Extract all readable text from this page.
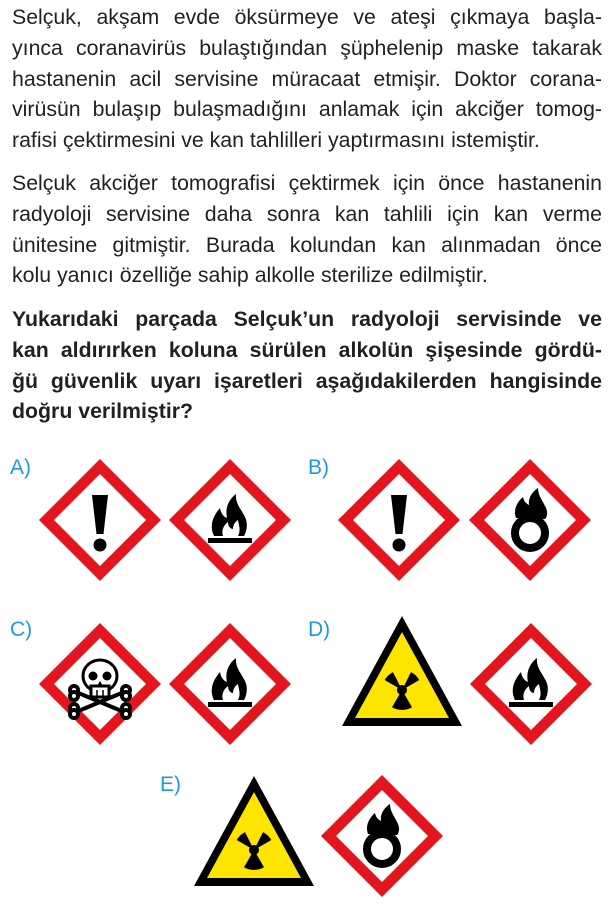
Selçuk, akşam evde öksürmeye ve ateşi çıkmaya başla-
yınca coranavirüs bulaştığından şüphelenip maske takarak
hastanenin acil servisine müracaat etmişir. Doktor corana-
virüsün bulaşıp bulaşmadığını anlamak için akciğer tomog-
rafisi çektirmesini ve kan tahlilleri yaptırmasını istemiştir.

Selçuk akciğer tomografisi çektirmek için önce hastanenin
radyoloji servisine daha sonra kan tahlili için kan verme
ünitesine gitmiştir. Burada kolundan kan alınmadan önce
kolu yanıcı özelliğe sahip alkolle sterilize edilmiştir.

Yukarıdaki parçada Selçuk’un radyoloji servisinde ve
kan aldırırken koluna sürülen alkolün şişesinde gördü-
ğü güvenlik uyarı işaretleri aşağıdakilerden hangisinde
doğru verilmiştir?

A)	B)
C)	D)
E)
